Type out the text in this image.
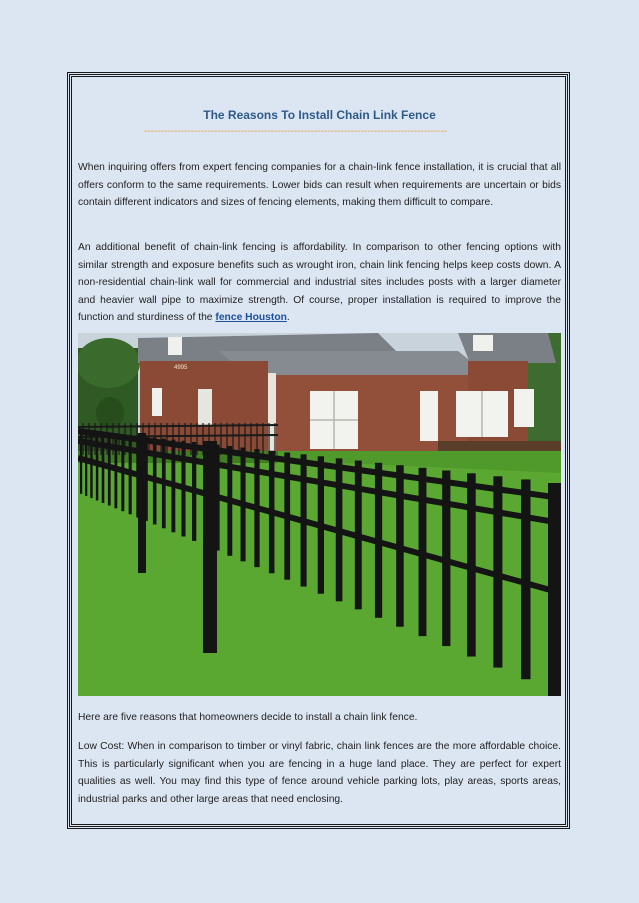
The Reasons To Install Chain Link Fence
-------------------------------------------------------------------------------------------

When inquiring offers from expert fencing companies for a chain-link fence installation, it is crucial that all offers conform to the same requirements. Lower bids can result when requirements are uncertain or bids contain different indicators and sizes of fencing elements, making them difficult to compare.

An additional benefit of chain-link fencing is affordability. In comparison to other fencing options with similar strength and exposure benefits such as wrought iron, chain link fencing helps keep costs down. A non-residential chain-link wall for commercial and industrial sites includes posts with a larger diameter and heavier wall pipe to maximize strength. Of course, proper installation is required to improve the function and sturdiness of the fence Houston.

4995

Here are five reasons that homeowners decide to install a chain link fence.

Low Cost: When in comparison to timber or vinyl fabric, chain link fences are the more affordable choice. This is particularly significant when you are fencing in a huge land place. They are perfect for expert qualities as well. You may find this type of fence around vehicle parking lots, play areas, sports areas, industrial parks and other large areas that need enclosing.
